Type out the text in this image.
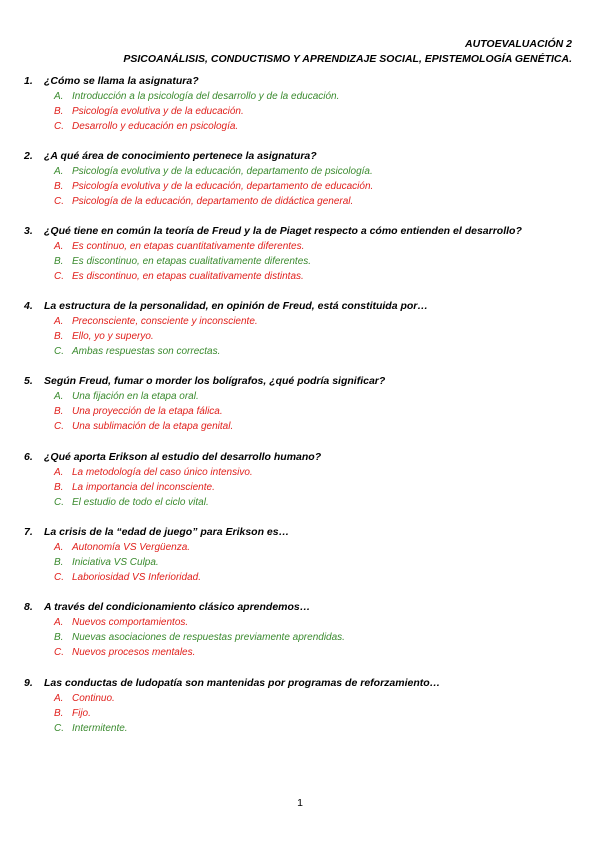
AUTOEVALUACIÓN 2
PSICOANÁLISIS, CONDUCTISMO Y APRENDIZAJE SOCIAL, EPISTEMOLOGÍA GENÉTICA.
1. ¿Cómo se llama la asignatura?
A. Introducción a la psicología del desarrollo y de la educación.
B. Psicología evolutiva y de la educación.
C. Desarrollo y educación en psicología.
2. ¿A qué área de conocimiento pertenece la asignatura?
A. Psicología evolutiva y de la educación, departamento de psicología.
B. Psicología evolutiva y de la educación, departamento de educación.
C. Psicología de la educación, departamento de didáctica general.
3. ¿Qué tiene en común la teoría de Freud y la de Piaget respecto a cómo entienden el desarrollo?
A. Es continuo, en etapas cuantitativamente diferentes.
B. Es discontinuo, en etapas cualitativamente diferentes.
C. Es discontinuo, en etapas cualitativamente distintas.
4. La estructura de la personalidad, en opinión de Freud, está constituida por…
A. Preconsciente, consciente y inconsciente.
B. Ello, yo y superyo.
C. Ambas respuestas son correctas.
5. Según Freud, fumar o morder los bolígrafos, ¿qué podría significar?
A. Una fijación en la etapa oral.
B. Una proyección de la etapa fálica.
C. Una sublimación de la etapa genital.
6. ¿Qué aporta Erikson al estudio del desarrollo humano?
A. La metodología del caso único intensivo.
B. La importancia del inconsciente.
C. El estudio de todo el ciclo vital.
7. La crisis de la “edad de juego” para Erikson es…
A. Autonomía VS Vergüenza.
B. Iniciativa VS Culpa.
C. Laboriosidad VS Inferioridad.
8. A través del condicionamiento clásico aprendemos…
A. Nuevos comportamientos.
B. Nuevas asociaciones de respuestas previamente aprendidas.
C. Nuevos procesos mentales.
9. Las conductas de ludopatía son mantenidas por programas de reforzamiento…
A. Continuo.
B. Fijo.
C. Intermitente.
1
